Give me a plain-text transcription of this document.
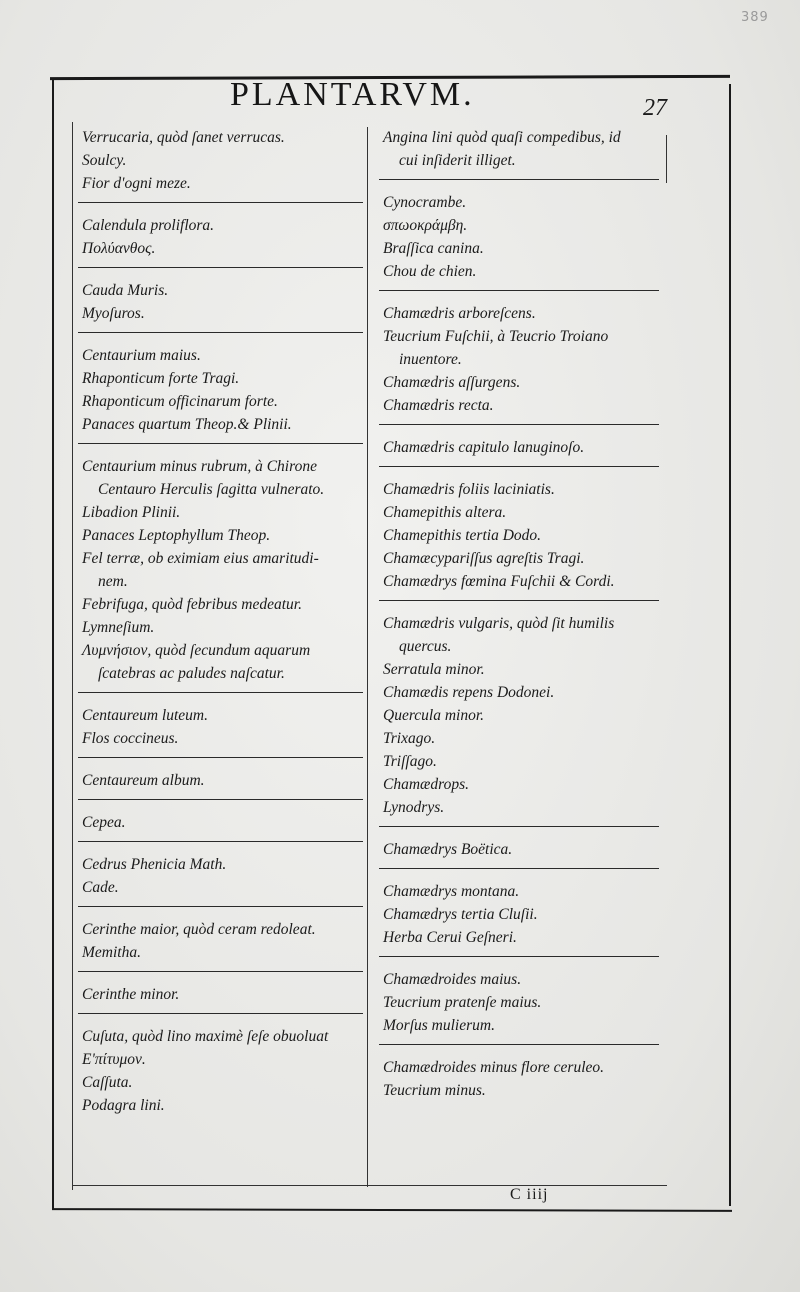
389
PLANTARVM.	27
Verrucaria, quòd ſanet verrucas.
Soulcy.
Fior d'ogni meze.
Calendula proliflora.
Πολύανθος.
Cauda Muris.
Myoſuros.
Centaurium maius.
Rhaponticum forte Tragi.
Rhaponticum officinarum forte.
Panaces quartum Theop.& Plinii.
Centaurium minus rubrum, à Chirone
Centauro Herculis ſagitta vulnerato.
Libadion Plinii.
Panaces Leptophyllum Theop.
Fel terræ, ob eximiam eius amaritudi-
nem.
Febrifuga, quòd febribus medeatur.
Lymneſium.
Λυμνήσιον, quòd ſecundum aquarum
ſcatebras ac paludes naſcatur.
Centaureum luteum.
Flos coccineus.
Centaureum album.
Cepea.
Cedrus Phenicia Math.
Cade.
Cerinthe maior, quòd ceram redoleat.
Memitha.
Cerinthe minor.
Cuſuta, quòd lino maximè ſeſe obuoluat
Ε'πίτυμον.
Caſſuta.
Podagra lini.
Angina lini quòd quaſi compedibus, id
cui inſiderit illiget.
Cynocrambe.
σπωοκράμβη.
Braſſica canina.
Chou de chien.
Chamædris arboreſcens.
Teucrium Fuſchii, à Teucrio Troiano
inuentore.
Chamædris aſſurgens.
Chamædris recta.
Chamædris capitulo lanuginoſo.
Chamædris foliis laciniatis.
Chamepithis altera.
Chamepithis tertia Dodo.
Chamæcypariſſus agreſtis Tragi.
Chamædrys fœmina Fuſchii & Cordi.
Chamædris vulgaris, quòd ſit humilis
quercus.
Serratula minor.
Chamædis repens Dodonei.
Quercula minor.
Trixago.
Triſſago.
Chamædrops.
Lynodrys.
Chamædrys Boëtica.
Chamædrys montana.
Chamædrys tertia Cluſii.
Herba Cerui Geſneri.
Chamædroides maius.
Teucrium pratenſe maius.
Morſus mulierum.
Chamædroides minus flore ceruleo.
Teucrium minus.
C iiij
